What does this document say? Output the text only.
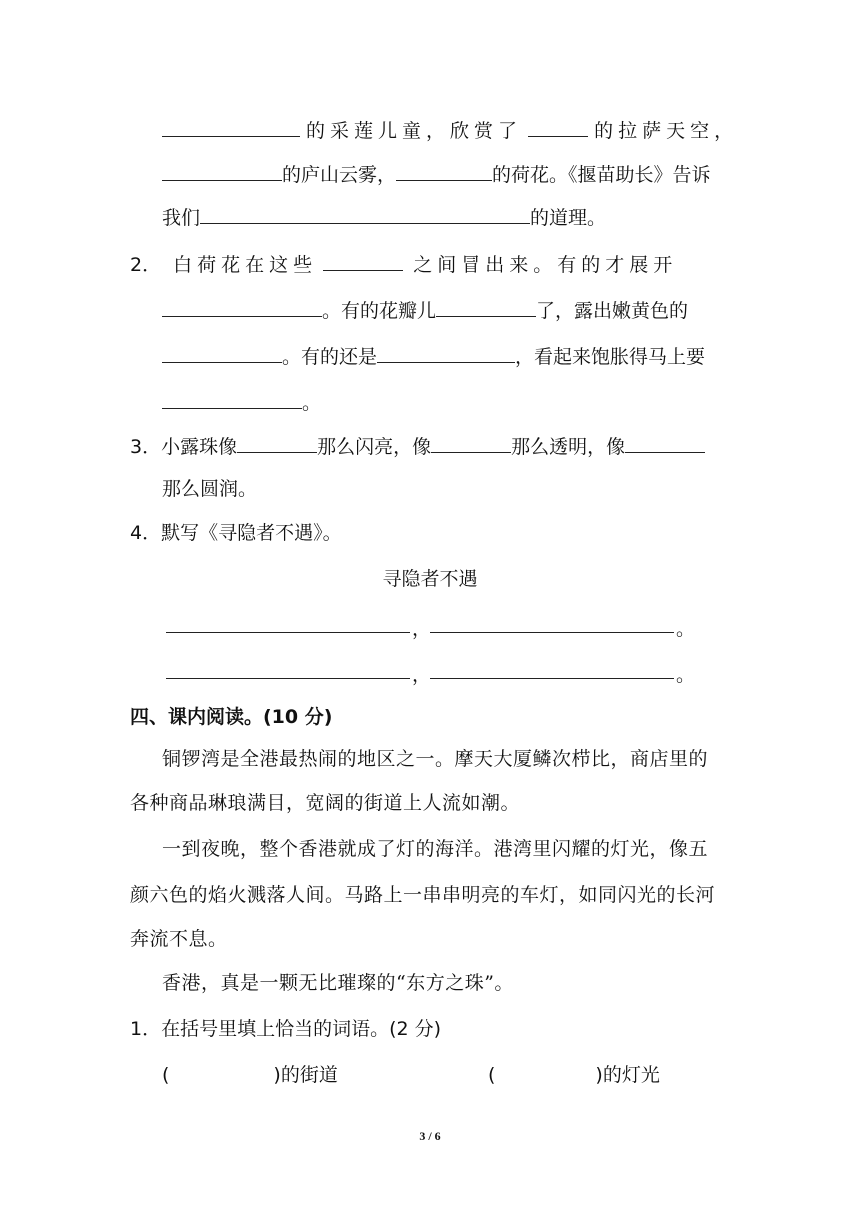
的采莲儿童，欣赏了	的拉萨天空，
的庐山云雾，	的荷花。《揠苗助长》告诉
我们	的道理。
2． 白荷花在这些	之间冒出来。有的才展开
。有的花瓣儿	了，露出嫩黄色的
。有的还是	，看起来饱胀得马上要
。
3．小露珠像	那么闪亮，像	那么透明，像
那么圆润。
4．默写《寻隐者不遇》。
寻隐者不遇
，	。
，	。
四、课内阅读。(10 分)
铜锣湾是全港最热闹的地区之一。摩天大厦鳞次栉比，商店里的
各种商品琳琅满目，宽阔的街道上人流如潮。
一到夜晚，整个香港就成了灯的海洋。港湾里闪耀的灯光，像五
颜六色的焰火溅落人间。马路上一串串明亮的车灯，如同闪光的长河
奔流不息。
香港，真是一颗无比璀璨的“东方之珠”。
1．在括号里填上恰当的词语。(2 分)
(	)的街道	(	)的灯光
3 / 6
